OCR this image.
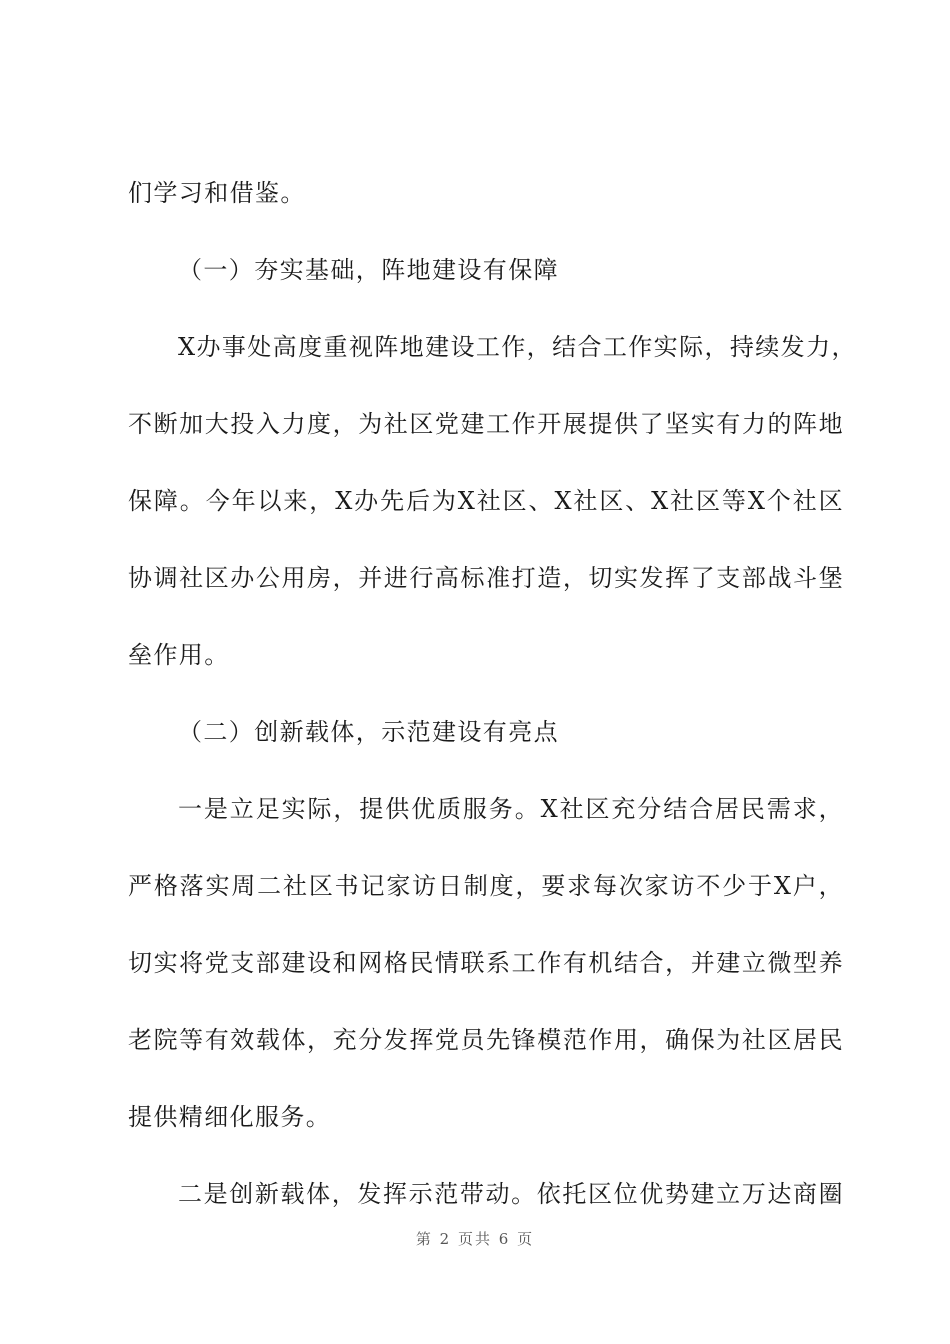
们学习和借鉴。
（一）夯实基础，阵地建设有保障
X办事处高度重视阵地建设工作，结合工作实际，持续发力，
不断加大投入力度，为社区党建工作开展提供了坚实有力的阵地
保障。今年以来，X办先后为X社区、X社区、X社区等X个社区
协调社区办公用房，并进行高标准打造，切实发挥了支部战斗堡
垒作用。
（二）创新载体，示范建设有亮点
一是立足实际，提供优质服务。X社区充分结合居民需求，
严格落实周二社区书记家访日制度，要求每次家访不少于X户，
切实将党支部建设和网格民情联系工作有机结合，并建立微型养
老院等有效载体，充分发挥党员先锋模范作用，确保为社区居民
提供精细化服务。
二是创新载体，发挥示范带动。依托区位优势建立万达商圈
第 2 页共 6 页
